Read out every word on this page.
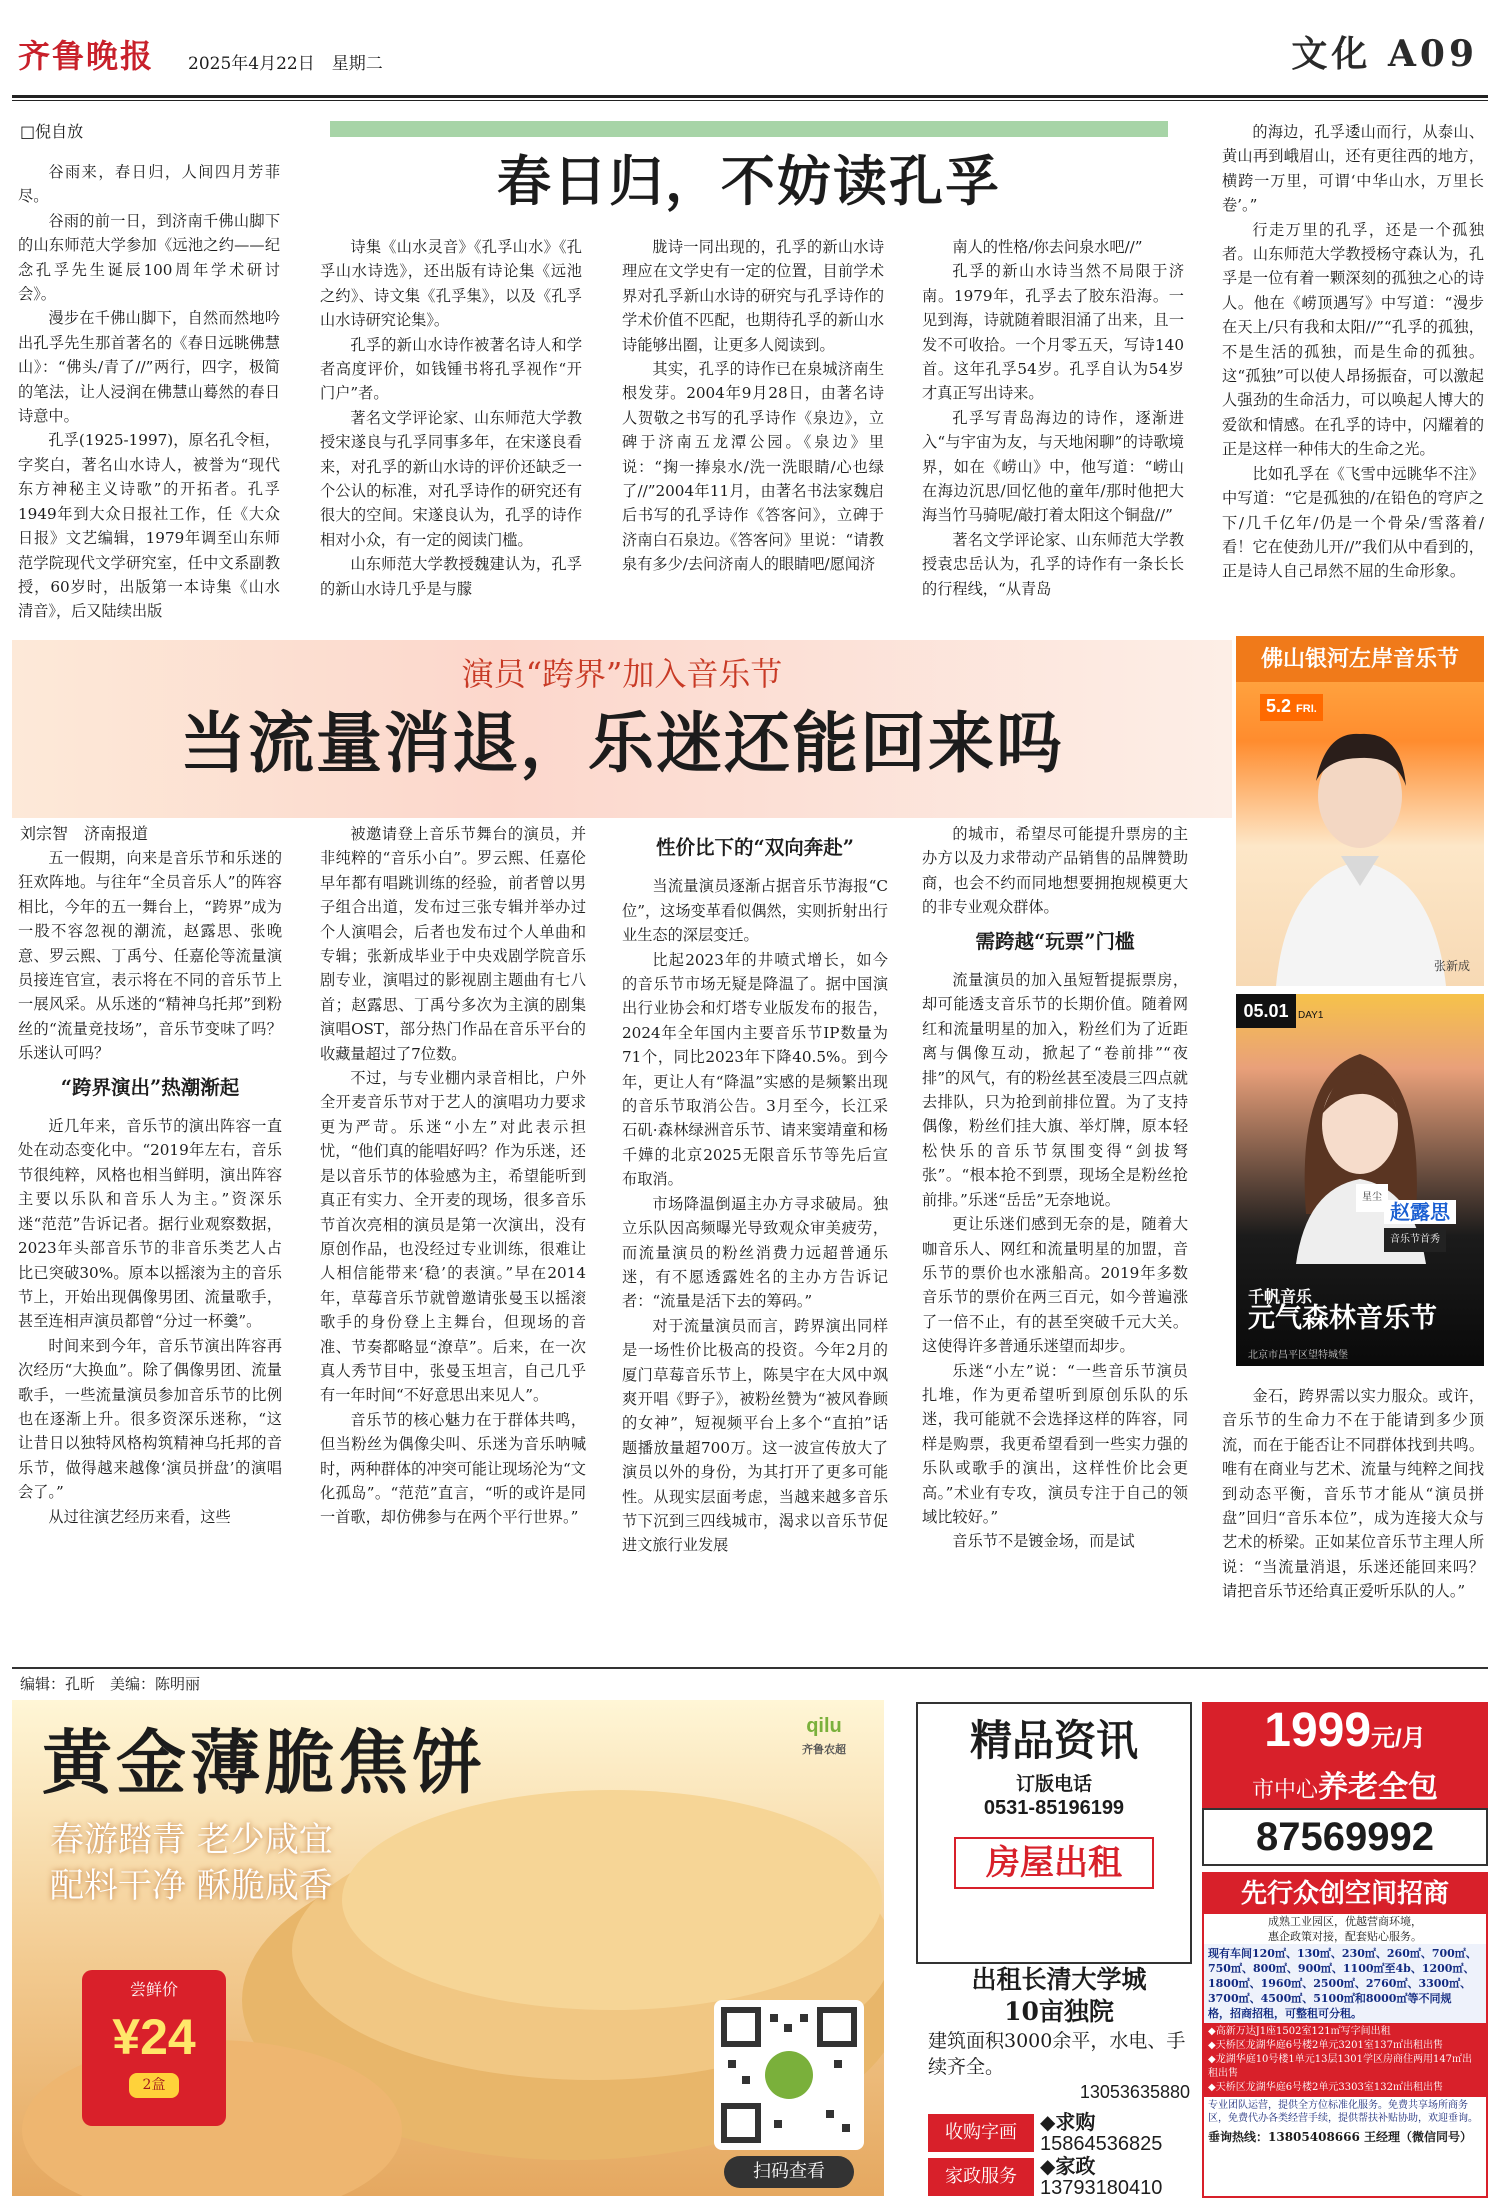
齐鲁晚报 2025年4月22日　 星期二	文化 A09
□倪自放
春日归，不妨读孔孚

谷雨来，春日归，人间四月芳菲尽。

谷雨的前一日，到济南千佛山脚下的山东师范大学参加《远池之约——纪念孔孚先生诞辰100周年学术研讨会》。

漫步在千佛山脚下，自然而然地吟出孔孚先生那首著名的《春日远眺佛慧山》：“佛头/青了//”两行，四字，极简的笔法，让人浸润在佛慧山蓦然的春日诗意中。

孔孚(1925-1997)，原名孔令桓，字奖白，著名山水诗人，被誉为“现代东方神秘主义诗歌”的开拓者。孔孚1949年到大众日报社工作，任《大众日报》文艺编辑，1979年调至山东师范学院现代文学研究室，任中文系副教授，60岁时，出版第一本诗集《山水清音》，后又陆续出版

诗集《山水灵音》《孔孚山水》《孔孚山水诗选》，还出版有诗论集《远池之约》、诗文集《孔孚集》，以及《孔孚山水诗研究论集》。

孔孚的新山水诗作被著名诗人和学者高度评价，如钱锺书将孔孚视作“开门户”者。

著名文学评论家、山东师范大学教授宋遂良与孔孚同事多年，在宋遂良看来，对孔孚的新山水诗的评价还缺乏一个公认的标准，对孔孚诗作的研究还有很大的空间。宋遂良认为，孔孚的诗作相对小众，有一定的阅读门槛。

山东师范大学教授魏建认为，孔孚的新山水诗几乎是与朦

胧诗一同出现的，孔孚的新山水诗理应在文学史有一定的位置，目前学术界对孔孚新山水诗的研究与孔孚诗作的学术价值不匹配，也期待孔孚的新山水诗能够出圈，让更多人阅读到。

其实，孔孚的诗作已在泉城济南生根发芽。2004年9月28日，由著名诗人贺敬之书写的孔孚诗作《泉边》，立碑于济南五龙潭公园。《泉边》里说：“掬一捧泉水/洗一洗眼睛/心也绿了//”2004年11月，由著名书法家魏启后书写的孔孚诗作《答客问》，立碑于济南白石泉边。《答客问》里说：“请教泉有多少/去问济南人的眼睛吧/愿闻济

南人的性格/你去问泉水吧//”

孔孚的新山水诗当然不局限于济南。1979年，孔孚去了胶东沿海。一见到海，诗就随着眼泪涌了出来，且一发不可收拾。一个月零五天，写诗140首。这年孔孚54岁。孔孚自认为54岁才真正写出诗来。

孔孚写青岛海边的诗作，逐渐进入“与宇宙为友，与天地闲聊”的诗歌境界，如在《崂山》中，他写道：“崂山在海边沉思/回忆他的童年/那时他把大海当竹马骑呢/敲打着太阳这个铜盘//”

著名文学评论家、山东师范大学教授袁忠岳认为，孔孚的诗作有一条长长的行程线，“从青岛

的海边，孔孚逶山而行，从泰山、黄山再到峨眉山，还有更往西的地方，横跨一万里，可谓‘中华山水，万里长卷’。”

行走万里的孔孚，还是一个孤独者。山东师范大学教授杨守森认为，孔孚是一位有着一颗深刻的孤独之心的诗人。他在《崂顶遇写》中写道：“漫步在天上/只有我和太阳//”“孔孚的孤独，不是生活的孤独，而是生命的孤独。这“孤独”可以使人昂扬振奋，可以激起人强劲的生命活力，可以唤起人博大的爱欲和情感。在孔孚的诗中，闪耀着的正是这样一种伟大的生命之光。

比如孔孚在《飞雪中远眺华不注》中写道：“它是孤独的/在铅色的穹庐之下/几千亿年/仍是一个骨朵/雪落着/看！它在使劲儿开//”我们从中看到的，正是诗人自己昂然不屈的生命形象。

演员“跨界”加入音乐节
当流量消退，乐迷还能回来吗
佛山银河左岸音乐节
5.2 FRI.
张新成
05.01 DAY1
星尘
赵露思
音乐节首秀
千帆音乐
元气森林音乐节
北京市昌平区望特城堡
刘宗智　济南报道

五一假期，向来是音乐节和乐迷的狂欢阵地。与往年“全员音乐人”的阵容相比，今年的五一舞台上，“跨界”成为一股不容忽视的潮流，赵露思、张晚意、罗云熙、丁禹兮、任嘉伦等流量演员接连官宣，表示将在不同的音乐节上一展风采。从乐迷的“精神乌托邦”到粉丝的“流量竞技场”，音乐节变味了吗？乐迷认可吗？

“跨界演出”热潮渐起

近几年来，音乐节的演出阵容一直处在动态变化中。“2019年左右，音乐节很纯粹，风格也相当鲜明，演出阵容主要以乐队和音乐人为主。”资深乐迷“范范”告诉记者。据行业观察数据，2023年头部音乐节的非音乐类艺人占比已突破30%。原本以摇滚为主的音乐节上，开始出现偶像男团、流量歌手，甚至连相声演员都曾“分过一杯羹”。

时间来到今年，音乐节演出阵容再次经历“大换血”。除了偶像男团、流量歌手，一些流量演员参加音乐节的比例也在逐渐上升。很多资深乐迷称，“这让昔日以独特风格构筑精神乌托邦的音乐节，做得越来越像‘演员拼盘’的演唱会了。”

从过往演艺经历来看，这些

被邀请登上音乐节舞台的演员，并非纯粹的“音乐小白”。罗云熙、任嘉伦早年都有唱跳训练的经验，前者曾以男子组合出道，发布过三张专辑并举办过个人演唱会，后者也发布过个人单曲和专辑；张新成毕业于中央戏剧学院音乐剧专业，演唱过的影视剧主题曲有七八首；赵露思、丁禹兮多次为主演的剧集演唱OST，部分热门作品在音乐平台的收藏量超过了7位数。

不过，与专业棚内录音相比，户外全开麦音乐节对于艺人的演唱功力要求更为严苛。乐迷“小左”对此表示担忧，“他们真的能唱好吗？作为乐迷，还是以音乐节的体验感为主，希望能听到真正有实力、全开麦的现场，很多音乐节首次亮相的演员是第一次演出，没有原创作品，也没经过专业训练，很难让人相信能带来‘稳’的表演。”早在2014年，草莓音乐节就曾邀请张曼玉以摇滚歌手的身份登上主舞台，但现场的音准、节奏都略显“潦草”。后来，在一次真人秀节目中，张曼玉坦言，自己几乎有一年时间“不好意思出来见人”。

音乐节的核心魅力在于群体共鸣，但当粉丝为偶像尖叫、乐迷为音乐呐喊时，两种群体的冲突可能让现场沦为“文化孤岛”。“范范”直言，“听的或许是同一首歌，却仿佛参与在两个平行世界。”

性价比下的“双向奔赴”

当流量演员逐渐占据音乐节海报“C位”，这场变革看似偶然，实则折射出行业生态的深层变迁。

比起2023年的井喷式增长，如今的音乐节市场无疑是降温了。据中国演出行业协会和灯塔专业版发布的报告，2024年全年国内主要音乐节IP数量为71个，同比2023年下降40.5%。到今年，更让人有“降温”实感的是频繁出现的音乐节取消公告。3月至今，长江采石矶·森林绿洲音乐节、请来窦靖童和杨千嬅的北京2025无限音乐节等先后宣布取消。

市场降温倒逼主办方寻求破局。独立乐队因高频曝光导致观众审美疲劳，而流量演员的粉丝消费力远超普通乐迷，有不愿透露姓名的主办方告诉记者：“流量是活下去的筹码。”

对于流量演员而言，跨界演出同样是一场性价比极高的投资。今年2月的厦门草莓音乐节上，陈昊宇在大风中飒爽开唱《野子》，被粉丝赞为“被风眷顾的女神”，短视频平台上多个“直拍”话题播放量超700万。这一波宣传放大了演员以外的身份，为其打开了更多可能性。从现实层面考虑，当越来越多音乐节下沉到三四线城市，渴求以音乐节促进文旅行业发展

的城市，希望尽可能提升票房的主办方以及力求带动产品销售的品牌赞助商，也会不约而同地想要拥抱规模更大的非专业观众群体。

需跨越“玩票”门槛

流量演员的加入虽短暂提振票房，却可能透支音乐节的长期价值。随着网红和流量明星的加入，粉丝们为了近距离与偶像互动，掀起了“卷前排”“夜排”的风气，有的粉丝甚至凌晨三四点就去排队，只为抢到前排位置。为了支持偶像，粉丝们挂大旗、举灯牌，原本轻松快乐的音乐节氛围变得“剑拔弩张”。“根本抢不到票，现场全是粉丝抢前排。”乐迷“岳岳”无奈地说。

更让乐迷们感到无奈的是，随着大咖音乐人、网红和流量明星的加盟，音乐节的票价也水涨船高。2019年多数音乐节的票价在两三百元，如今普遍涨了一倍不止，有的甚至突破千元大关。这使得许多普通乐迷望而却步。

乐迷“小左”说：“一些音乐节演员扎堆，作为更希望听到原创乐队的乐迷，我可能就不会选择这样的阵容，同样是购票，我更希望看到一些实力强的乐队或歌手的演出，这样性价比会更高。”术业有专攻，演员专注于自己的领域比较好。”

音乐节不是镀金场，而是试

金石，跨界需以实力服众。或许，音乐节的生命力不在于能请到多少顶流，而在于能否让不同群体找到共鸣。唯有在商业与艺术、流量与纯粹之间找到动态平衡，音乐节才能从“演员拼盘”回归“音乐本位”，成为连接大众与艺术的桥梁。正如某位音乐节主理人所说：“当流量消退，乐迷还能回来吗？请把音乐节还给真正爱听乐队的人。”

编辑：孔昕　美编：陈明丽
黄金薄脆焦饼
春游踏青 老少咸宜
配料干净 酥脆咸香
qilu
齐鲁农超
尝鲜价
¥24
2盒
扫码查看
精品资讯
订版电话
0531-85196199
房屋出租
出租长清大学城
10亩独院
建筑面积3000余平，水电、手续齐全。
13053635880
收购字画	◆求购
15864536825
家政服务	◆家政
13793180410
1999元/月
市中心养老全包
87569992
先行众创空间招商
成熟工业园区，优越营商环境，
惠企政策对接，配套贴心服务。
现有车间120㎡、130㎡、230㎡、260㎡、700㎡、
750㎡、800㎡、900㎡、1100㎡至4b、1200㎡、
1800㎡、1960㎡、2500㎡、2760㎡、3300㎡、
3700㎡、4500㎡、5100㎡和8000㎡等不同规
格，招商招租，可整租可分租。
◆高新万达J1座1502室121㎡写字间出租
◆天桥区龙湖华庭6号楼2单元3201室137㎡出租出售
◆龙湖华庭10号楼1单元13层1301学区房商住两用147㎡出租出售
◆天桥区龙湖华庭6号楼2单元3303室132㎡出租出售
专业团队运营，提供全方位标准化服务。免费共享场所商务区，免费代办各类经营手续，提供帮扶补贴协助，欢迎垂询。
垂询热线：13805408666 王经理（微信同号）
